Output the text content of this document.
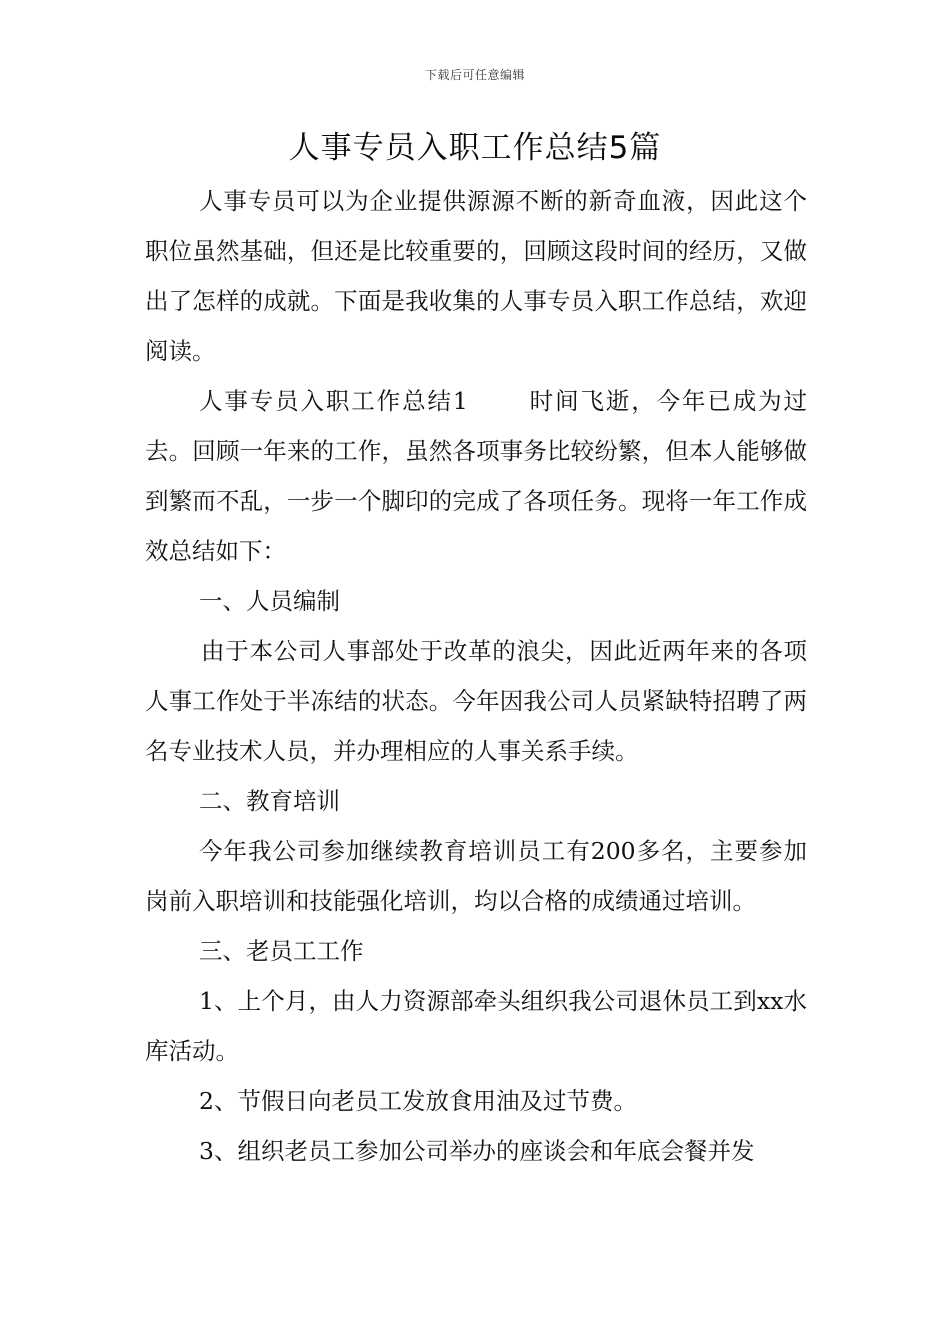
下载后可任意编辑
人事专员入职工作总结5篇

人事专员可以为企业提供源源不断的新奇血液，因此这个职位虽然基础，但还是比较重要的，回顾这段时间的经历，又做出了怎样的成就。下面是我收集的人事专员入职工作总结，欢迎阅读。

人事专员入职工作总结1	时间飞逝，今年已成为过去。回顾一年来的工作，虽然各项事务比较纷繁，但本人能够做到繁而不乱，一步一个脚印的完成了各项任务。现将一年工作成效总结如下：

一、人员编制

由于本公司人事部处于改革的浪尖，因此近两年来的各项人事工作处于半冻结的状态。今年因我公司人员紧缺特招聘了两名专业技术人员，并办理相应的人事关系手续。

二、教育培训

今年我公司参加继续教育培训员工有200多名，主要参加岗前入职培训和技能强化培训，均以合格的成绩通过培训。

三、老员工工作

1、上个月，由人力资源部牵头组织我公司退休员工到xx水库活动。

2、节假日向老员工发放食用油及过节费。

3、组织老员工参加公司举办的座谈会和年底会餐并发
